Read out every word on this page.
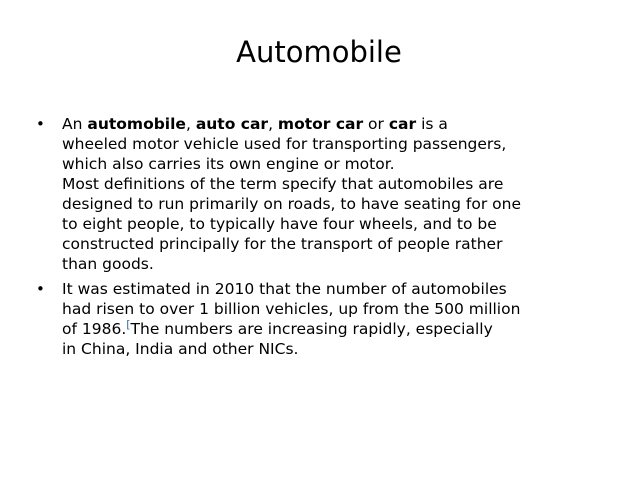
Automobile
• An automobile, auto car, motor car or car is a
wheeled motor vehicle used for transporting passengers,
which also carries its own engine or motor.
Most definitions of the term specify that automobiles are
designed to run primarily on roads, to have seating for one
to eight people, to typically have four wheels, and to be
constructed principally for the transport of people rather
than goods.
• It was estimated in 2010 that the number of automobiles
had risen to over 1 billion vehicles, up from the 500 million
of 1986.[The numbers are increasing rapidly, especially
in China, India and other NICs.
